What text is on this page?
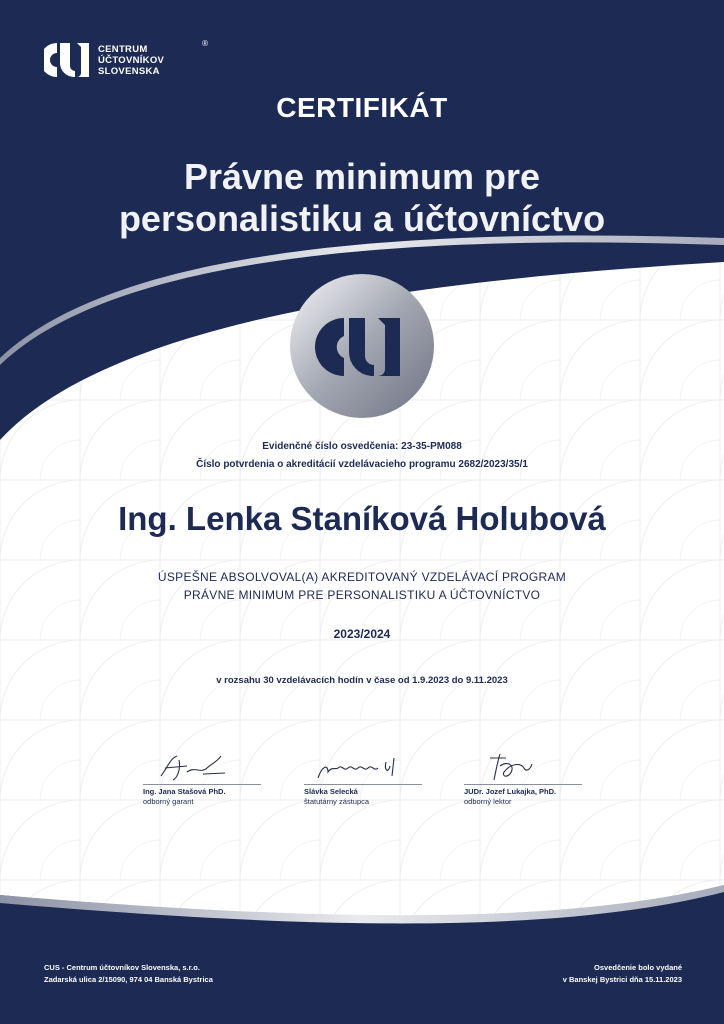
CENTRUM
ÚČTOVNÍKOV
SLOVENSKA
®
CERTIFIKÁT
Právne minimum pre
personalistiku a účtovníctvo
Evidenčné číslo osvedčenia: 23-35-PM088
Číslo potvrdenia o akreditácií vzdelávacieho programu 2682/2023/35/1
Ing. Lenka Staníková Holubová
ÚSPEŠNE ABSOLVOVAL(A) AKREDITOVANÝ VZDELÁVACÍ PROGRAM
PRÁVNE MINIMUM PRE PERSONALISTIKU A ÚČTOVNÍCTVO
2023/2024
v rozsahu 30 vzdelávacích hodín v čase od 1.9.2023 do 9.11.2023
Ing. Jana Stašová PhD.
odborný garant
Slávka Selecká
štatutárny zástupca
JUDr. Jozef Lukajka, PhD.
odborný lektor
CUS - Centrum účtovníkov Slovenska, s.r.o.
Zadarská ulica 2/15090, 974 04 Banská Bystrica
Osvedčenie bolo vydané
v Banskej Bystrici dňa 15.11.2023
